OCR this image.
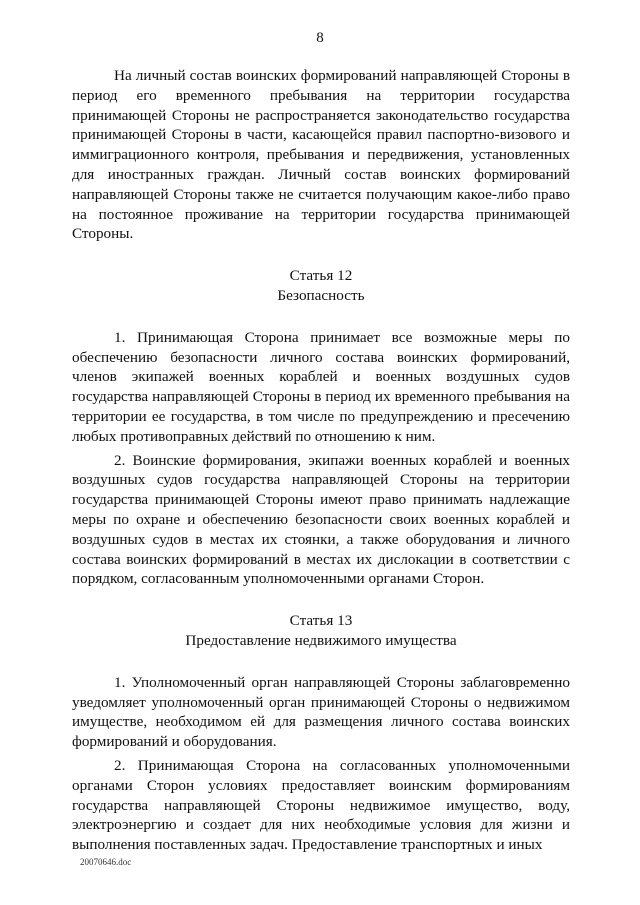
8

На личный состав воинских формирований направляющей Стороны в период его временного пребывания на территории государства принимающей Стороны не распространяется законодательство государства принимающей Стороны в части, касающейся правил паспортно-визового и иммиграционного контроля, пребывания и передвижения, установленных для иностранных граждан. Личный состав воинских формирований направляющей Стороны также не считается получающим какое-либо право на постоянное проживание на территории государства принимающей Стороны.

Статья 12

Безопасность

1. Принимающая Сторона принимает все возможные меры по обеспечению безопасности личного состава воинских формирований, членов экипажей военных кораблей и военных воздушных судов государства направляющей Стороны в период их временного пребывания на территории ее государства, в том числе по предупреждению и пресечению любых противоправных действий по отношению к ним.

2. Воинские формирования, экипажи военных кораблей и военных воздушных судов государства направляющей Стороны на территории государства принимающей Стороны имеют право принимать надлежащие меры по охране и обеспечению безопасности своих военных кораблей и воздушных судов в местах их стоянки, а также оборудования и личного состава воинских формирований в местах их дислокации в соответствии с порядком, согласованным уполномоченными органами Сторон.

Статья 13

Предоставление недвижимого имущества

1. Уполномоченный орган направляющей Стороны заблаговременно уведомляет уполномоченный орган принимающей Стороны о недвижимом имуществе, необходимом ей для размещения личного состава воинских формирований и оборудования.

2. Принимающая Сторона на согласованных уполномоченными органами Сторон условиях предоставляет воинским формированиям государства направляющей Стороны недвижимое имущество, воду, электроэнергию и создает для них необходимые условия для жизни и выполнения поставленных задач. Предоставление транспортных и иных

20070646.doc
